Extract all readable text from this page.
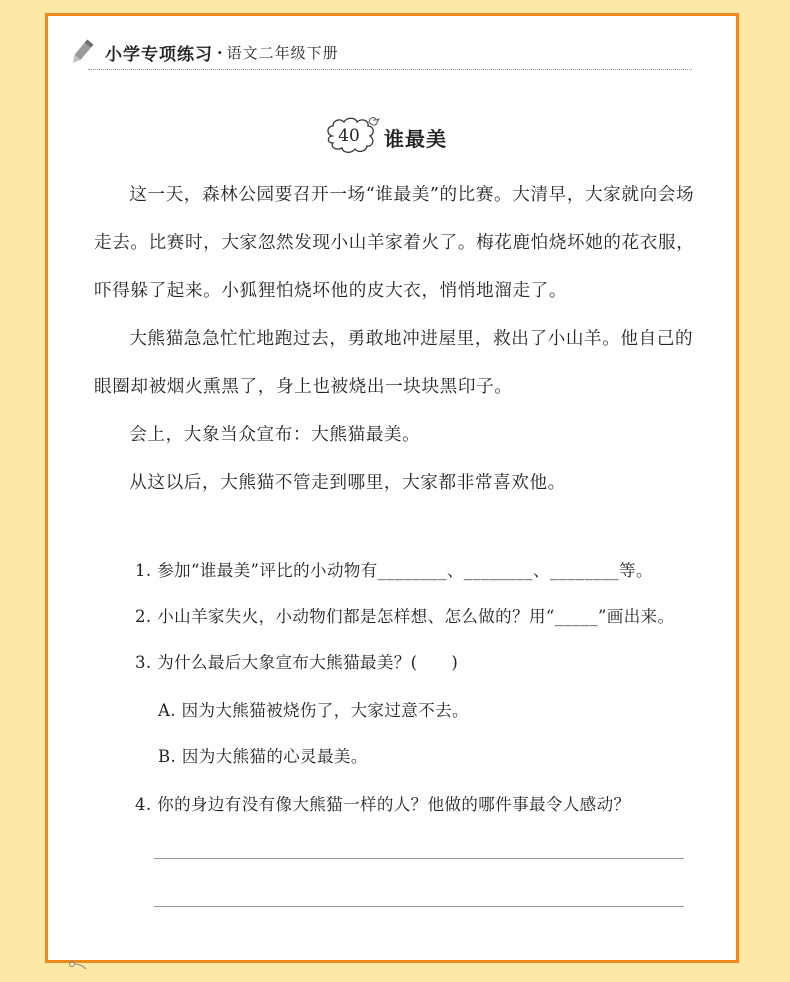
小学专项练习 · 语文二年级下册
40	谁最美

这一天，森林公园要召开一场“谁最美”的比赛。大清早，大家就向会场走去。比赛时，大家忽然发现小山羊家着火了。梅花鹿怕烧坏她的花衣服，吓得躲了起来。小狐狸怕烧坏他的皮大衣，悄悄地溜走了。

大熊猫急急忙忙地跑过去，勇敢地冲进屋里，救出了小山羊。他自己的眼圈却被烟火熏黑了，身上也被烧出一块块黑印子。

会上，大象当众宣布：大熊猫最美。

从这以后，大熊猫不管走到哪里，大家都非常喜欢他。

1. 参加“谁最美”评比的小动物有________、________、________等。

2. 小山羊家失火，小动物们都是怎样想、怎么做的？用“_____”画出来。

3. 为什么最后大象宣布大熊猫最美？(　　)

A. 因为大熊猫被烧伤了，大家过意不去。

B. 因为大熊猫的心灵最美。

4. 你的身边有没有像大熊猫一样的人？他做的哪件事最令人感动？
